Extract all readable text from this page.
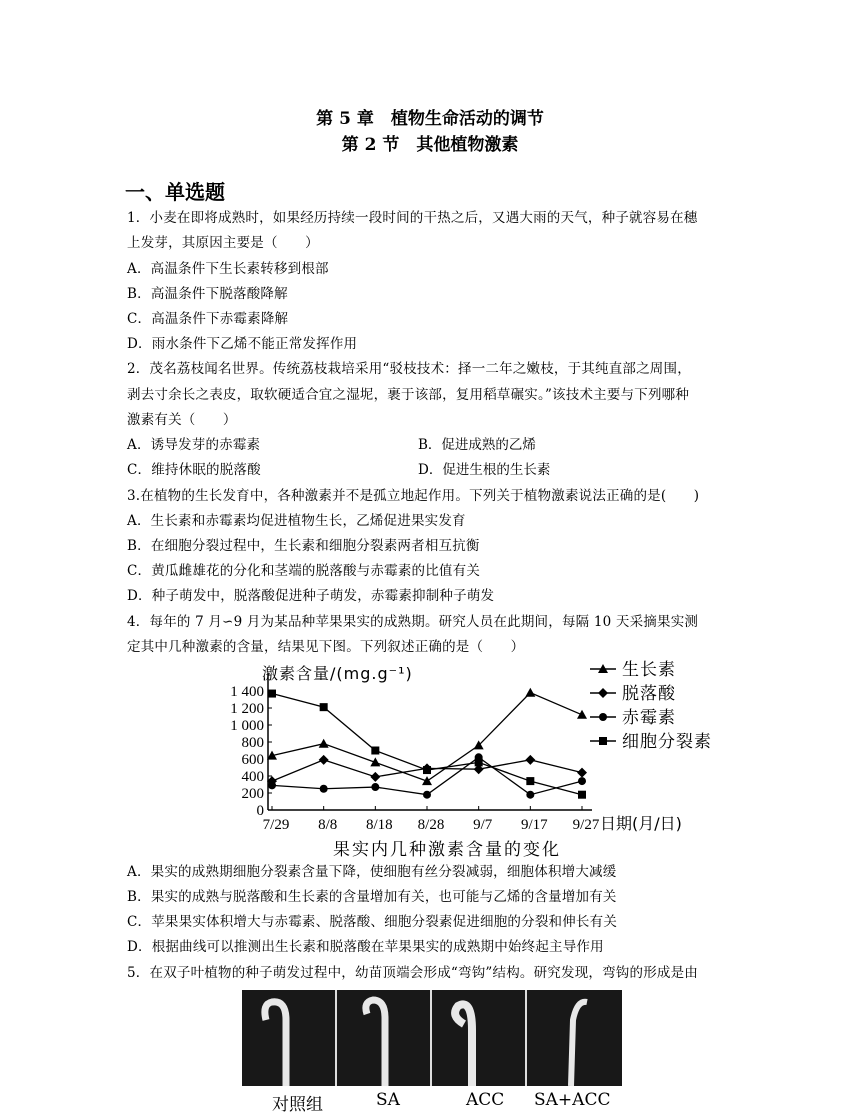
第 5 章　植物生命活动的调节
第 2 节　其他植物激素
一、单选题
1．小麦在即将成熟时，如果经历持续一段时间的干热之后，又遇大雨的天气，种子就容易在穗
上发芽，其原因主要是（　　）
A．高温条件下生长素转移到根部
B．高温条件下脱落酸降解
C．高温条件下赤霉素降解
D．雨水条件下乙烯不能正常发挥作用
2．茂名荔枝闻名世界。传统荔枝栽培采用“驳枝技术：择一二年之嫩枝，于其纯直部之周围，
剥去寸余长之表皮，取软硬适合宜之湿坭，裹于该部，复用稻草碾实。”该技术主要与下列哪种
激素有关（　　）
A．诱导发芽的赤霉素	B．促进成熟的乙烯
C．维持休眠的脱落酸	D．促进生根的生长素
3.在植物的生长发育中，各种激素并不是孤立地起作用。下列关于植物激素说法正确的是(　　)
A．生长素和赤霉素均促进植物生长，乙烯促进果实发育
B．在细胞分裂过程中，生长素和细胞分裂素两者相互抗衡
C．黄瓜雌雄花的分化和茎端的脱落酸与赤霉素的比值有关
D．种子萌发中，脱落酸促进种子萌发，赤霉素抑制种子萌发
4．每年的 7 月∽9 月为某品种苹果果实的成熟期。研究人员在此期间，每隔 10 天采摘果实测
定其中几种激素的含量，结果见下图。下列叙述正确的是（　　）
1 400
1 200
1 000
800
600
400
200
0
7/29 8/8 8/18 8/28 9/7 9/17 9/27
激素含量/(mg.g⁻¹)
日期(月/日)
果实内几种激素含量的变化
生长素
脱落酸
赤霉素
细胞分裂素
A．果实的成熟期细胞分裂素含量下降，使细胞有丝分裂减弱，细胞体积增大减缓
B．果实的成熟与脱落酸和生长素的含量增加有关，也可能与乙烯的含量增加有关
C．苹果果实体积增大与赤霉素、脱落酸、细胞分裂素促进细胞的分裂和伸长有关
D．根据曲线可以推测出生长素和脱落酸在苹果果实的成熟期中始终起主导作用
5．在双子叶植物的种子萌发过程中，幼苗顶端会形成“弯钩”结构。研究发现，弯钩的形成是由
对照组	SA	ACC SA+ACC
